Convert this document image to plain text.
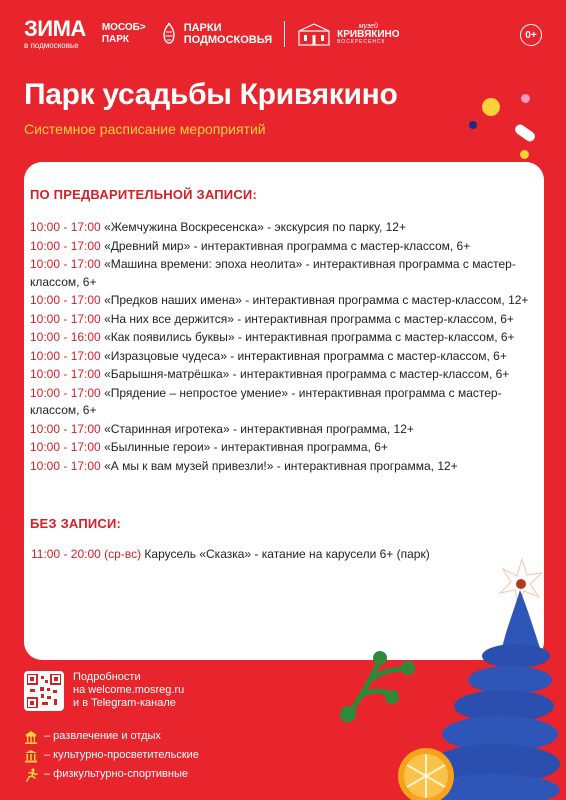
ЗИМА
в подмосковье
МОСОБ>
ПАРК
ПАРКИ
ПОДМОСКОВЬЯ
музей
КРИВЯКИНО
ВОСКРЕСЕНСК
0+
Парк усадьбы Кривякино
Системное расписание мероприятий
ПО ПРЕДВАРИТЕЛЬНОЙ ЗАПИСИ:
10:00 - 17:00 «Жемчужина Воскресенска» - экскурсия по парку, 12+
10:00 - 17:00 «Древний мир» - интерактивная программа с мастер-классом, 6+
10:00 - 17:00 «Машина времени: эпоха неолита» - интерактивная программа с мастер-классом, 6+
10:00 - 17:00 «Предков наших имена» - интерактивная программа с мастер-классом, 12+
10:00 - 17:00 «На них все держится» - интерактивная программа с мастер-классом, 6+
10:00 - 16:00 «Как появились буквы» - интерактивная программа с мастер-классом, 6+
10:00 - 17:00 «Изразцовые чудеса» - интерактивная программа с мастер-классом, 6+
10:00 - 17:00 «Барышня-матрёшка» - интерактивная программа с мастер-классом, 6+
10:00 - 17:00 «Прядение – непростое умение» - интерактивная программа с мастер-классом, 6+
10:00 - 17:00 «Старинная игротека» - интерактивная программа, 12+
10:00 - 17:00 «Былинные герои» - интерактивная программа, 6+
10:00 - 17:00 «А мы к вам музей привезли!» - интерактивная программа, 12+
БЕЗ ЗАПИСИ:
11:00 - 20:00 (ср-вс) Карусель «Сказка» - катание на карусели 6+ (парк)
Подробности
на welcome.mosreg.ru
и в Telegram-канале
– развлечение и отдых
– культурно-просветительские
– физкультурно-спортивные
